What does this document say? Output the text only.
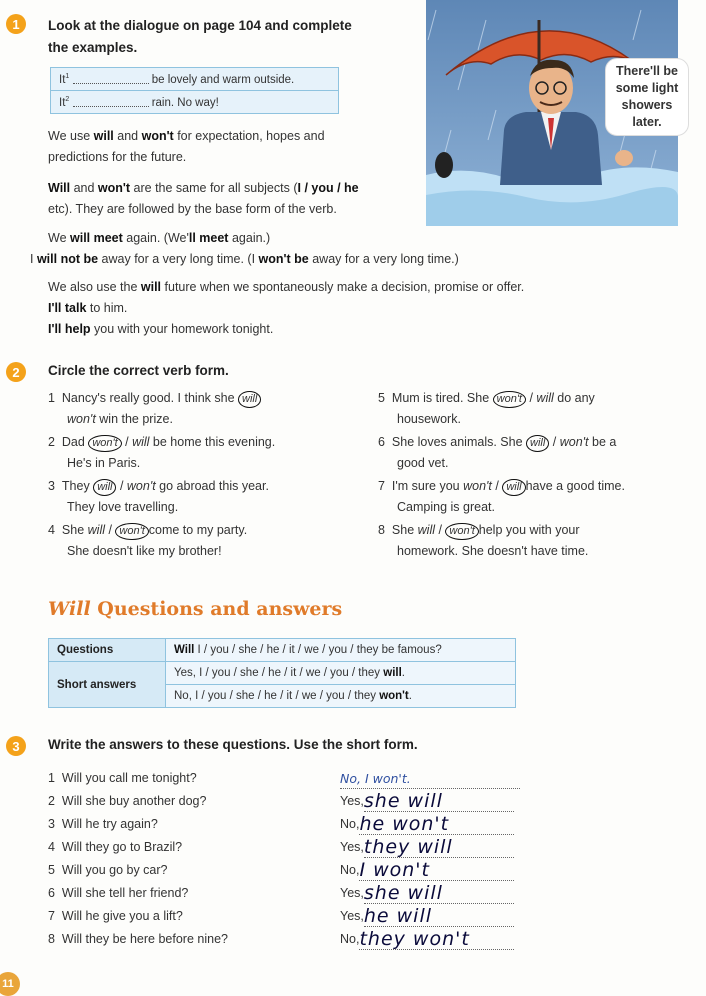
1	Look at the dialogue on page 104 and complete
the examples.
It$^1$	be lovely and warm outside.
It$^2$	rain. No way!
There'll be
some light
showers
later.
We use will and won't for expectation, hopes and
predictions for the future.
Will and won't are the same for all subjects (I / you / he
etc). They are followed by the base form of the verb.
We will meet again. (We'll meet again.)
I will not be away for a very long time. (I won't be away for a very long time.)
We also use the will future when we spontaneously make a decision, promise or offer.
I'll talk to him.
I'll help you with your homework tonight.
2	Circle the correct verb form.
1 Nancy's really good. I think she will
won't win the prize.
2 Dad won't / will be home this evening.
He's in Paris.
3 They will / won't go abroad this year.
They love travelling.
4 She will / won't come to my party.
She doesn't like my brother!
5 Mum is tired. She won't / will do any
housework.
6 She loves animals. She will / won't be a
good vet.
7 I'm sure you won't / will have a good time.
Camping is great.
8 She will / won't help you with your
homework. She doesn't have time.
Will Questions and answers
Questions	Will I / you / she / he / it / we / you / they be famous?
Short answers	Yes, I / you / she / he / it / we / you / they will.
	No, I / you / she / he / it / we / you / they won't.
3	Write the answers to these questions. Use the short form.
1 Will you call me tonight?	No, I won't.
2 Will she buy another dog?	Yes, she will
3 Will he try again?	No, he won't
4 Will they go to Brazil?	Yes, they will
5 Will you go by car?	No, I won't
6 Will she tell her friend?	Yes, she will
7 Will he give you a lift?	Yes, he will
8 Will they be here before nine?	No, they won't
11
